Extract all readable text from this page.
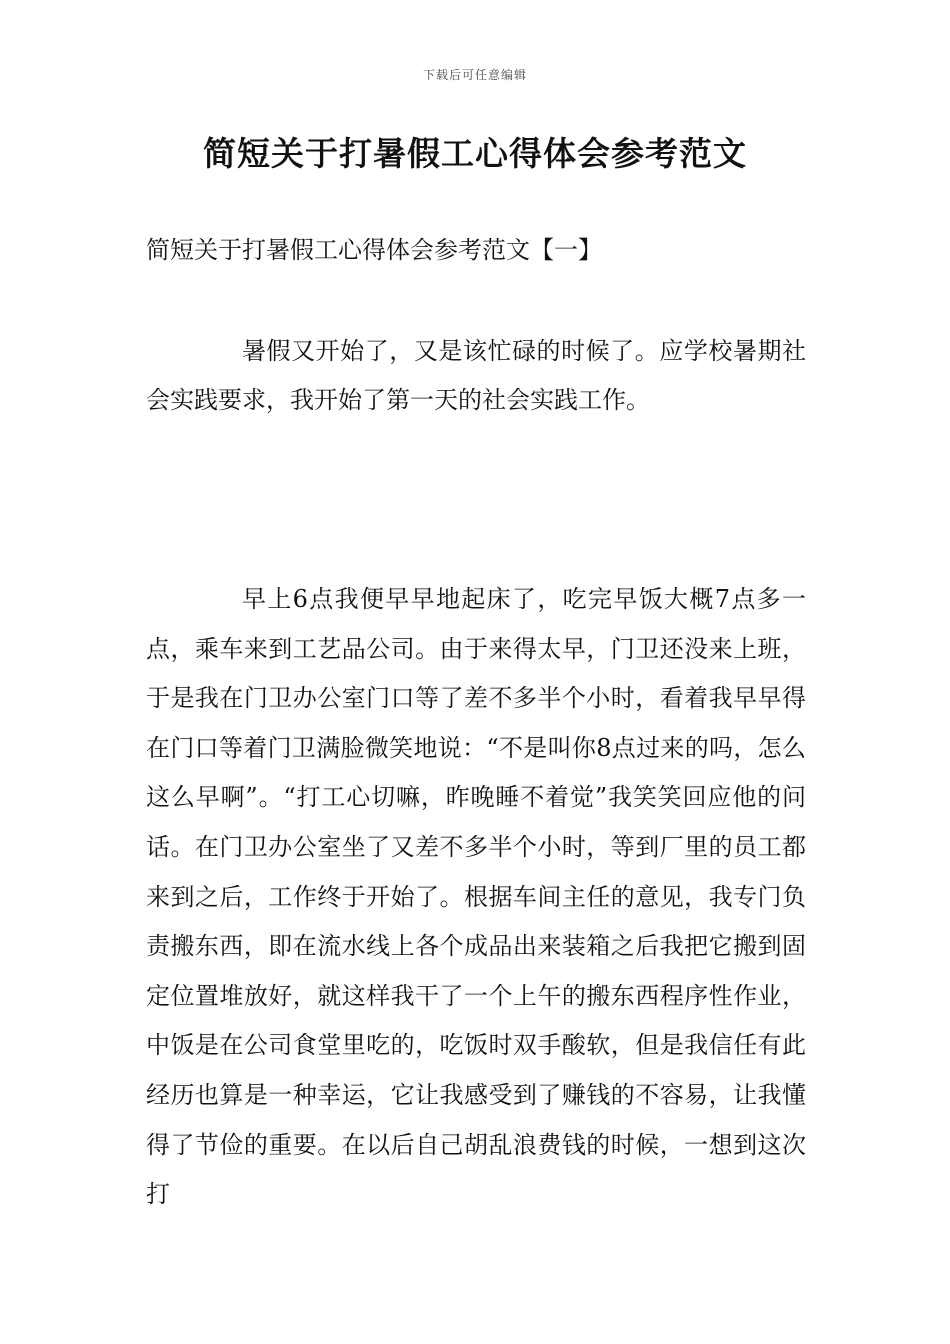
下载后可任意编辑
简短关于打暑假工心得体会参考范文
简短关于打暑假工心得体会参考范文【一】

暑假又开始了，又是该忙碌的时候了。应学校暑期社会实践要求，我开始了第一天的社会实践工作。

早上6点我便早早地起床了，吃完早饭大概7点多一点，乘车来到工艺品公司。由于来得太早，门卫还没来上班，于是我在门卫办公室门口等了差不多半个小时，看着我早早得在门口等着门卫满脸微笑地说：“不是叫你8点过来的吗，怎么这么早啊”。“打工心切嘛，昨晚睡不着觉”我笑笑回应他的问话。在门卫办公室坐了又差不多半个小时，等到厂里的员工都来到之后，工作终于开始了。根据车间主任的意见，我专门负责搬东西，即在流水线上各个成品出来装箱之后我把它搬到固定位置堆放好，就这样我干了一个上午的搬东西程序性作业，中饭是在公司食堂里吃的，吃饭时双手酸软，但是我信任有此经历也算是一种幸运，它让我感受到了赚钱的不容易，让我懂得了节俭的重要。在以后自己胡乱浪费钱的时候，一想到这次打
